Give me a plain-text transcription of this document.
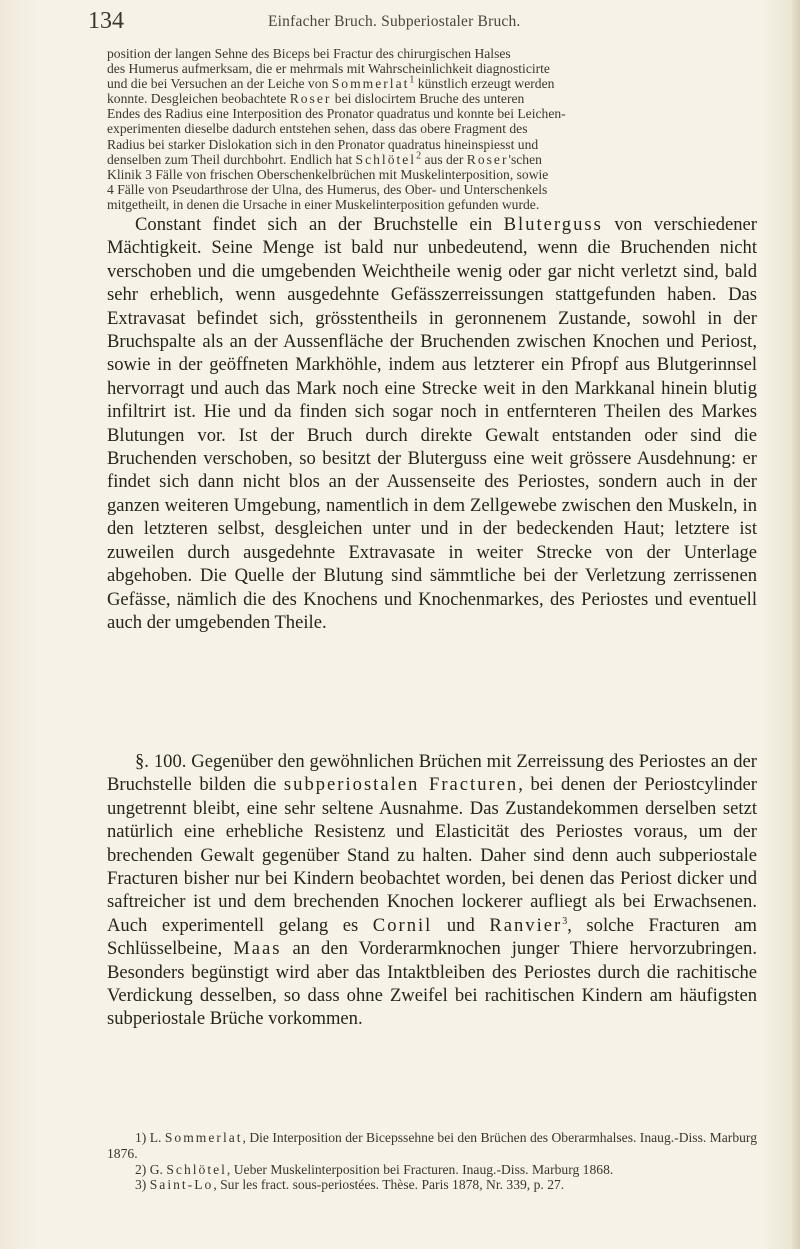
134	Einfacher Bruch. Subperiostaler Bruch.

position der langen Sehne des Biceps bei Fractur des chirurgischen Halses

des Humerus aufmerksam, die er mehrmals mit Wahrscheinlichkeit diagnosticirte

und die bei Versuchen an der Leiche von Sommerlat$^1$ künstlich erzeugt werden

konnte. Desgleichen beobachtete Roser bei dislocirtem Bruche des unteren

Endes des Radius eine Interposition des Pronator quadratus und konnte bei Leichen-

experimenten dieselbe dadurch entstehen sehen, dass das obere Fragment des

Radius bei starker Dislokation sich in den Pronator quadratus hineinspiesst und

denselben zum Theil durchbohrt. Endlich hat Schlötel$^2$ aus der Roser'schen

Klinik 3 Fälle von frischen Oberschenkelbrüchen mit Muskelinterposition, sowie

4 Fälle von Pseudarthrose der Ulna, des Humerus, des Ober- und Unterschenkels

mitgetheilt, in denen die Ursache in einer Muskelinterposition gefunden wurde.

Constant findet sich an der Bruchstelle ein Bluterguss von verschiedener Mächtigkeit. Seine Menge ist bald nur unbedeutend, wenn die Bruchenden nicht verschoben und die umgebenden Weichtheile wenig oder gar nicht verletzt sind, bald sehr erheblich, wenn ausgedehnte Gefässzerreissungen stattgefunden haben. Das Extravasat befindet sich, grösstentheils in geronnenem Zustande, sowohl in der Bruchspalte als an der Aussenfläche der Bruchenden zwischen Knochen und Periost, sowie in der geöffneten Markhöhle, indem aus letzterer ein Pfropf aus Blutgerinnsel hervorragt und auch das Mark noch eine Strecke weit in den Markkanal hinein blutig infiltrirt ist. Hie und da finden sich sogar noch in entfernteren Theilen des Markes Blutungen vor. Ist der Bruch durch direkte Gewalt entstanden oder sind die Bruchenden verschoben, so besitzt der Bluterguss eine weit grössere Ausdehnung: er findet sich dann nicht blos an der Aussenseite des Periostes, sondern auch in der ganzen weiteren Umgebung, namentlich in dem Zellgewebe zwischen den Muskeln, in den letzteren selbst, desgleichen unter und in der bedeckenden Haut; letztere ist zuweilen durch ausgedehnte Extravasate in weiter Strecke von der Unterlage abgehoben. Die Quelle der Blutung sind sämmtliche bei der Verletzung zerrissenen Gefässe, nämlich die des Knochens und Knochenmarkes, des Periostes und eventuell auch der umgebenden Theile.

§. 100. Gegenüber den gewöhnlichen Brüchen mit Zerreissung des Periostes an der Bruchstelle bilden die subperiostalen Fracturen, bei denen der Periostcylinder ungetrennt bleibt, eine sehr seltene Ausnahme. Das Zustandekommen derselben setzt natürlich eine erhebliche Resistenz und Elasticität des Periostes voraus, um der brechenden Gewalt gegenüber Stand zu halten. Daher sind denn auch subperiostale Fracturen bisher nur bei Kindern beobachtet worden, bei denen das Periost dicker und saftreicher ist und dem brechenden Knochen lockerer aufliegt als bei Erwachsenen. Auch experimentell gelang es Cornil und Ranvier$^3$, solche Fracturen am Schlüsselbeine, Maas an den Vorderarmknochen junger Thiere hervorzubringen. Besonders begünstigt wird aber das Intaktbleiben des Periostes durch die rachitische Verdickung desselben, so dass ohne Zweifel bei rachitischen Kindern am häufigsten subperiostale Brüche vorkommen.

1) L. Sommerlat, Die Interposition der Bicepssehne bei den Brüchen des Oberarmhalses. Inaug.-Diss. Marburg 1876.

2) G. Schlötel, Ueber Muskelinterposition bei Fracturen. Inaug.-Diss. Marburg 1868.

3) Saint-Lo, Sur les fract. sous-periostées. Thèse. Paris 1878, Nr. 339, p. 27.
